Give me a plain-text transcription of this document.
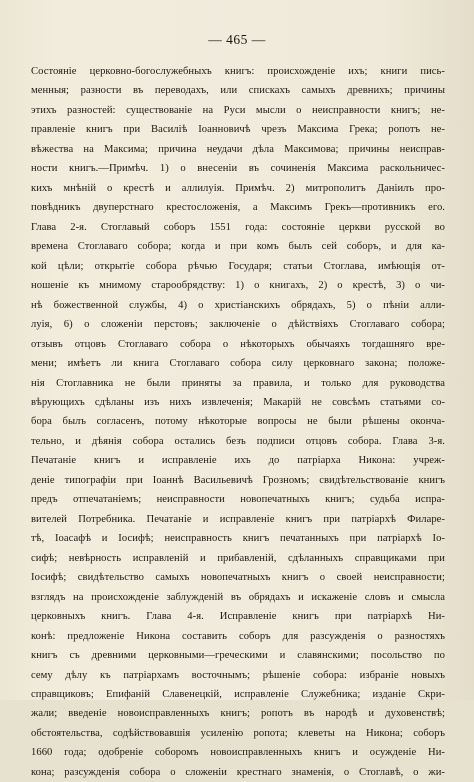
— 465 —
Состояніе церковно-богослужебныхъ книгъ: происхожденіе ихъ; книги пись-
менныя; разности въ переводахъ, или спискахъ самыхъ древнихъ; причины
этихъ разностей: существованіе на Руси мысли о неисправности книгъ; не-
правленіе книгъ при Василіѣ Іоанновичѣ чрезъ Максима Грека; ропотъ не-
вѣжества на Максима; причина неудачи дѣла Максимова; причины неисправ-
ности книгъ.—Примѣч. 1) о внесеніи въ сочиненія Максима раскольничес-
кихъ мнѣній о крестѣ и аллилуія. Примѣч. 2) митрополитъ Даніилъ про-
повѣдникъ двуперстнаго крестосложенія, а Максимъ Грекъ—противникъ его.
Глава 2-я. Стоглавый соборъ 1551 года: состояніе церкви русской во
времена Стоглаваго собора; когда и при комъ былъ сей соборъ, и для ка-
кой цѣли; открытіе собора рѣчью Государя; статьи Стоглава, имѣющія от-
ношеніе къ мнимому старообрядству: 1) о книгахъ, 2) о крестѣ, 3) о чи-
нѣ божественной службы, 4) о христіанскихъ обрядахъ, 5) о пѣніи алли-
луія, 6) о сложеніи перстовъ; заключеніе о дѣйствіяхъ Стоглаваго собора;
отзывъ отцовъ Стоглаваго собора о нѣкоторыхъ обычаяхъ тогдашняго вре-
мени; имѣетъ ли книга Стоглаваго собора силу церковнаго закона; положе-
нія Стоглавника не были приняты за правила, и только для руководства
вѣрующихъ сдѣланы изъ нихъ извлеченія; Макарій не совсѣмъ статьями со-
бора былъ согласенъ, потому нѣкоторые вопросы не были рѣшены оконча-
тельно, и дѣянія собора остались безъ подписи отцовъ собора. Глава 3-я.
Печатаніе книгъ и исправленіе ихъ до патріарха Никона: учреж-
деніе типографіи при Іоаннѣ Васильевичѣ Грозномъ; свидѣтельствованіе книгъ
предъ отпечатаніемъ; неисправности новопечатныхъ книгъ; судьба испра-
вителей Потребника. Печатаніе и исправленіе книгъ при патріархѣ Филаре-
тѣ, Іоасафѣ и Іосифѣ; неисправность книгъ печатанныхъ при патріархѣ Іо-
сифѣ; невѣрность исправленій и прибавленій, сдѣланныхъ справщиками при
Іосифѣ; свидѣтельство самыхъ новопечатныхъ книгъ о своей неисправности;
взглядъ на происхожденіе заблужденій въ обрядахъ и искаженіе словъ и смысла
церковныхъ книгъ. Глава 4-я. Исправленіе книгъ при патріархѣ Ни-
конѣ: предложеніе Никона составить соборъ для разсужденія о разностяхъ
книгъ съ древними церковными—греческими и славянскими; посольство по
сему дѣлу къ патріархамъ восточнымъ; рѣшеніе собора: избраніе новыхъ
справщиковъ; Епифаній Славенецкій, исправленіе Служебника; изданіе Скри-
жали; введеніе новоисправленныхъ книгъ; ропотъ въ народѣ и духовенствѣ;
обстоятельства, содѣйствовавшія усиленію ропота; клеветы на Никона; соборъ
1660 года; одобреніе соборомъ новоисправленныхъ книгъ и осужденіе Ни-
кона; разсужденія собора о сложеніи крестнаго знаменія, о Стоглавѣ, о жи-
